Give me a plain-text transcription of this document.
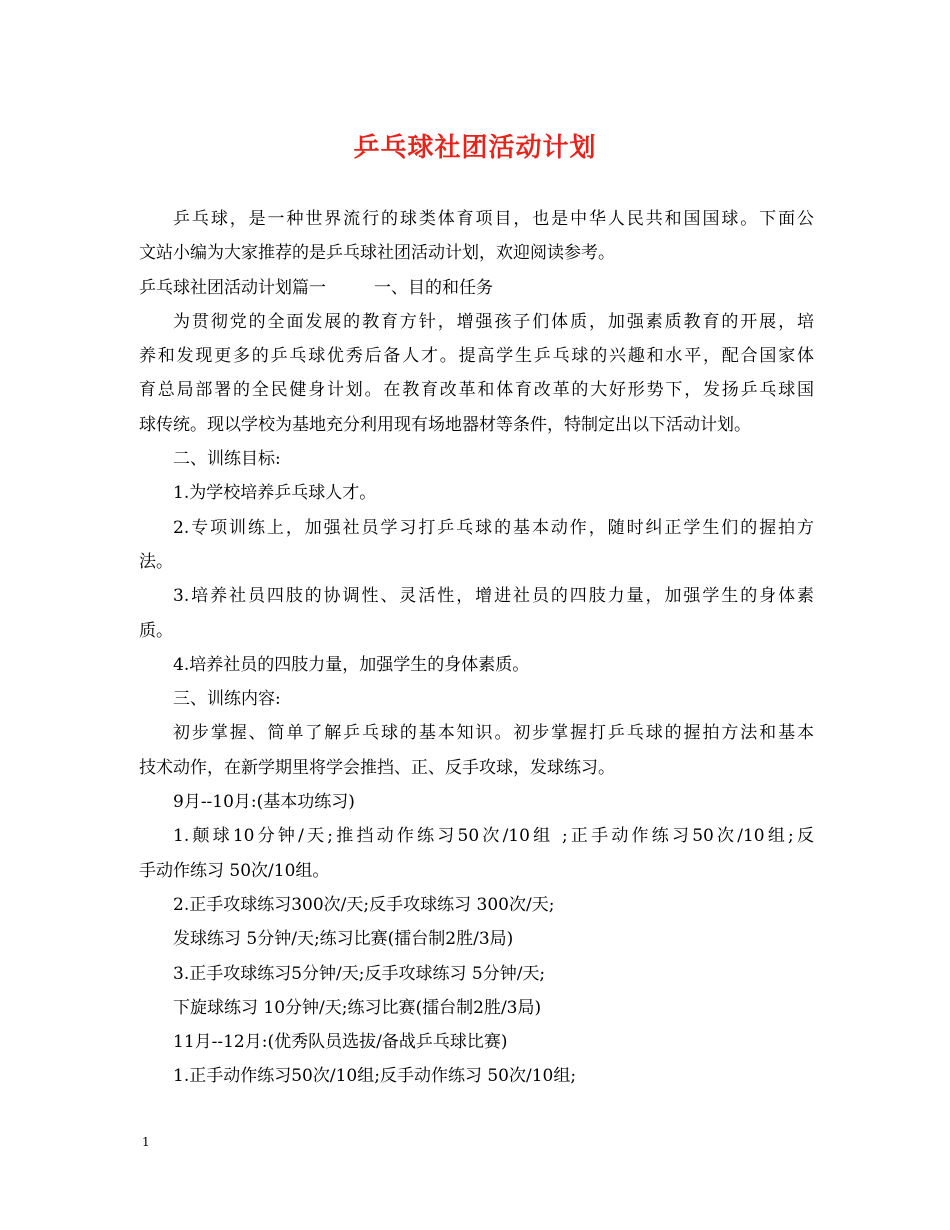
乒乓球社团活动计划
乒乓球，是一种世界流行的球类体育项目，也是中华人民共和国国球。下面公
文站小编为大家推荐的是乒乓球社团活动计划，欢迎阅读参考。
乒乓球社团活动计划篇一	一、目的和任务
为贯彻党的全面发展的教育方针，增强孩子们体质，加强素质教育的开展，培
养和发现更多的乒乓球优秀后备人才。提高学生乒乓球的兴趣和水平，配合国家体
育总局部署的全民健身计划。在教育改革和体育改革的大好形势下，发扬乒乓球国
球传统。现以学校为基地充分利用现有场地器材等条件，特制定出以下活动计划。
二、训练目标:
1.为学校培养乒乓球人才。
2.专项训练上，加强社员学习打乒乓球的基本动作，随时纠正学生们的握拍方
法。
3.培养社员四肢的协调性、灵活性，增进社员的四肢力量，加强学生的身体素
质。
4.培养社员的四肢力量，加强学生的身体素质。
三、训练内容:
初步掌握、简单了解乒乓球的基本知识。初步掌握打乒乓球的握拍方法和基本
技术动作，在新学期里将学会推挡、正、反手攻球，发球练习。
9月--10月:(基本功练习)
1.颠球10分钟/天;推挡动作练习50次/10组 ;正手动作练习50次/10组;反
手动作练习 50次/10组。
2.正手攻球练习300次/天;反手攻球练习 300次/天;
发球练习 5分钟/天;练习比赛(擂台制2胜/3局)
3.正手攻球练习5分钟/天;反手攻球练习 5分钟/天;
下旋球练习 10分钟/天;练习比赛(擂台制2胜/3局)
11月--12月:(优秀队员选拔/备战乒乓球比赛)
1.正手动作练习50次/10组;反手动作练习 50次/10组;
1
